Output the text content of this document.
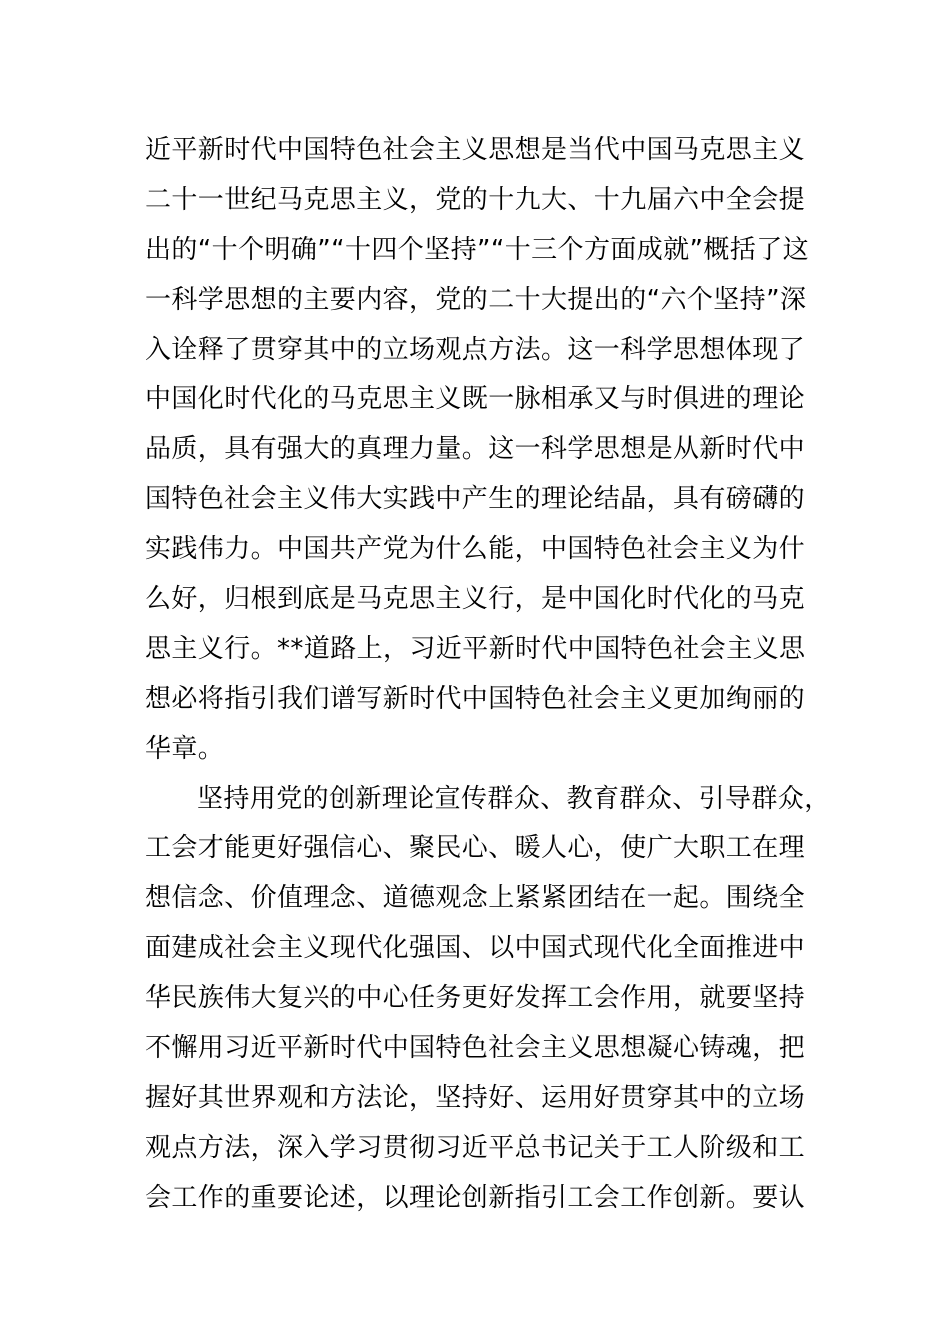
近平新时代中国特色社会主义思想是当代中国马克思主义
二十一世纪马克思主义，党的十九大、十九届六中全会提
出的“十个明确”“十四个坚持”“十三个方面成就”概括了这
一科学思想的主要内容，党的二十大提出的“六个坚持”深
入诠释了贯穿其中的立场观点方法。这一科学思想体现了
中国化时代化的马克思主义既一脉相承又与时俱进的理论
品质，具有强大的真理力量。这一科学思想是从新时代中
国特色社会主义伟大实践中产生的理论结晶，具有磅礴的
实践伟力。中国共产党为什么能，中国特色社会主义为什
么好，归根到底是马克思主义行，是中国化时代化的马克
思主义行。**道路上，习近平新时代中国特色社会主义思
想必将指引我们谱写新时代中国特色社会主义更加绚丽的
华章。
坚持用党的创新理论宣传群众、教育群众、引导群众，
工会才能更好强信心、聚民心、暖人心，使广大职工在理
想信念、价值理念、道德观念上紧紧团结在一起。围绕全
面建成社会主义现代化强国、以中国式现代化全面推进中
华民族伟大复兴的中心任务更好发挥工会作用，就要坚持
不懈用习近平新时代中国特色社会主义思想凝心铸魂，把
握好其世界观和方法论，坚持好、运用好贯穿其中的立场
观点方法，深入学习贯彻习近平总书记关于工人阶级和工
会工作的重要论述，以理论创新指引工会工作创新。要认
